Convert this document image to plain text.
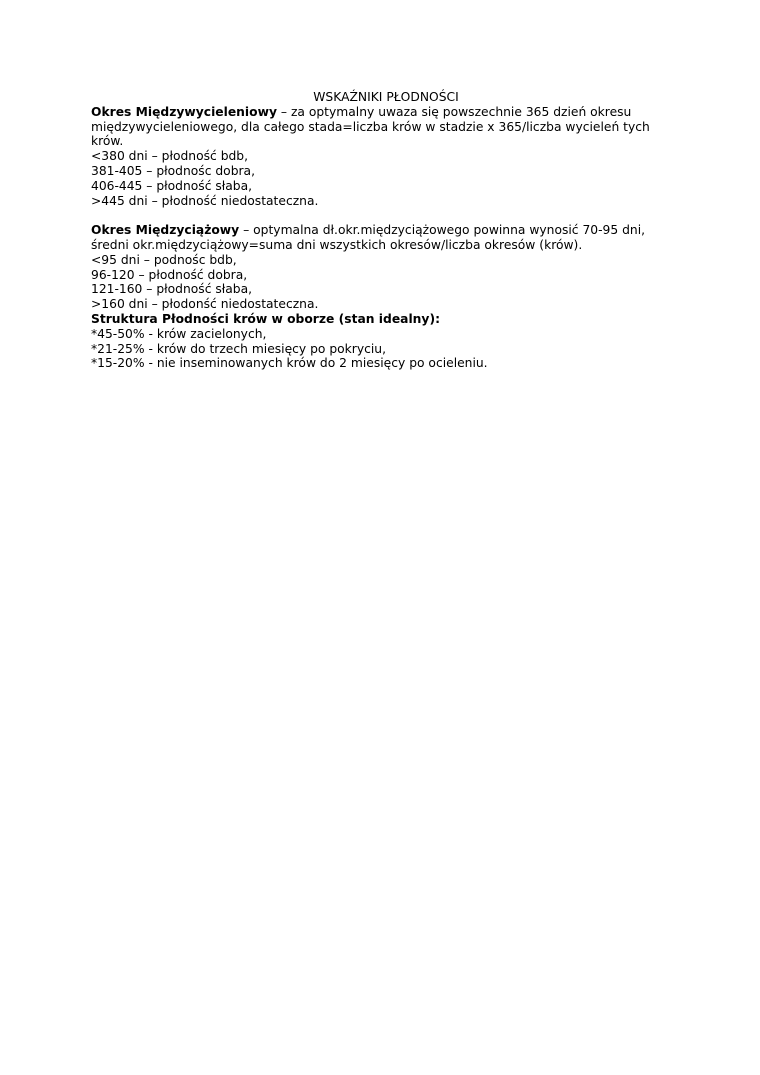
WSKAŹNIKI PŁODNOŚCI

Okres Międzywycieleniowy – za optymalny uwaza się powszechnie 365 dzień okresu międzywycieleniowego, dla całego stada=liczba krów w stadzie x 365/liczba wycieleń tych krów.

<380 dni – płodność bdb,

381-405 – płodnośc dobra,

406-445 – płodność słaba,

>445 dni – płodność niedostateczna.

Okres Międzyciążowy – optymalna dł.okr.międzyciążowego powinna wynosić 70-95 dni, średni okr.międzyciążowy=suma dni wszystkich okresów/liczba okresów (krów).

<95 dni – podnośc bdb,

96-120 – płodność dobra,

121-160 – płodność słaba,

>160 dni – płodonść niedostateczna.

Struktura Płodności krów w oborze (stan idealny):

*45-50% - krów zacielonych,

*21-25% - krów do trzech miesięcy po pokryciu,

*15-20% - nie inseminowanych krów do 2 miesięcy po ocieleniu.
